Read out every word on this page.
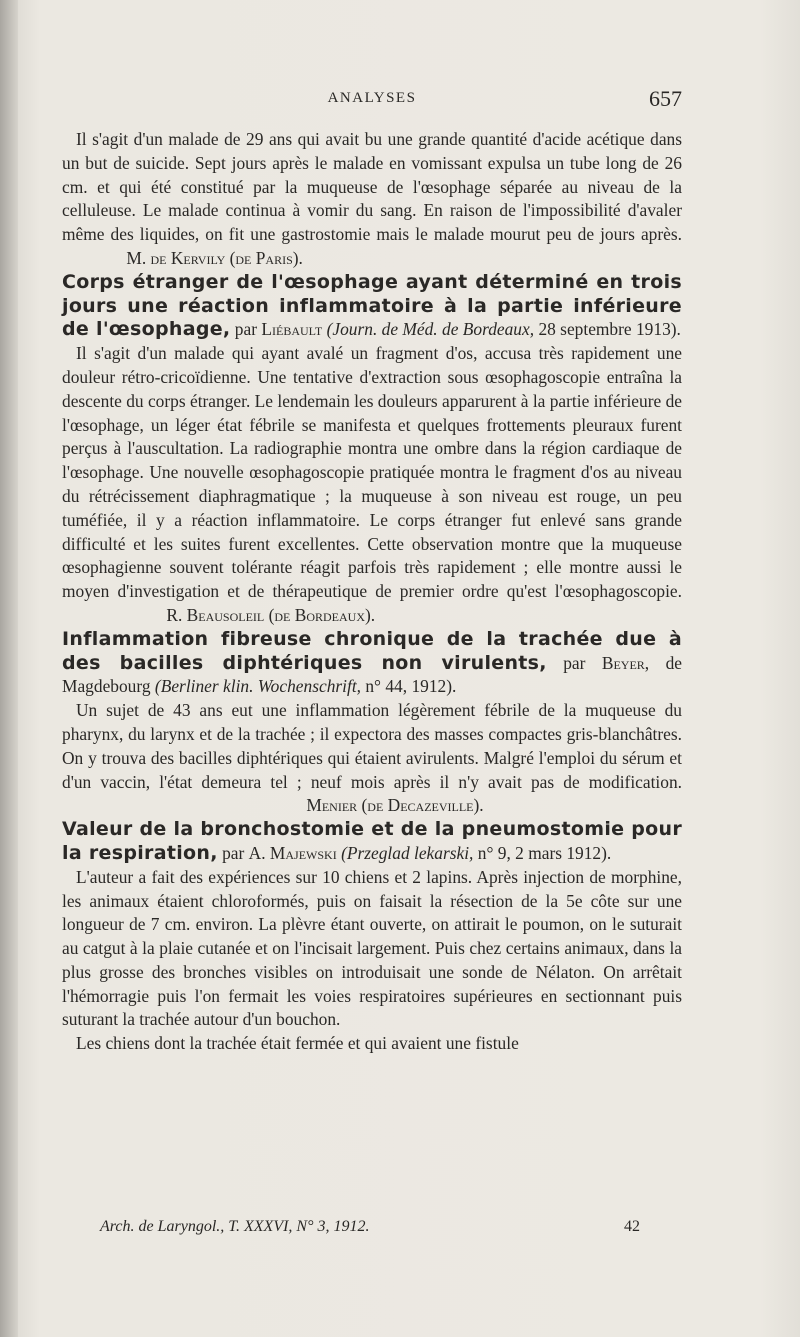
ANALYSES	657

Il s'agit d'un malade de 29 ans qui avait bu une grande quantité d'acide acétique dans un but de suicide. Sept jours après le malade en vomissant expulsa un tube long de 26 cm. et qui été constitué par la muqueuse de l'œsophage séparée au niveau de la celluleuse. Le malade continua à vomir du sang. En raison de l'impossibilité d'avaler même des liquides, on fit une gastrostomie mais le malade mourut peu de jours après.  M. de Kervily (de Paris).

Corps étranger de l'œsophage ayant déterminé en trois jours une réaction inflammatoire à la partie inférieure de l'œsophage, par Liébault (Journ. de Méd. de Bordeaux, 28 septembre 1913).

Il s'agit d'un malade qui ayant avalé un fragment d'os, accusa très rapidement une douleur rétro-cricoïdienne. Une tentative d'extraction sous œsophagoscopie entraîna la descente du corps étranger. Le lendemain les douleurs apparurent à la partie inférieure de l'œsophage, un léger état fébrile se manifesta et quelques frottements pleuraux furent perçus à l'auscultation. La radiographie montra une ombre dans la région cardiaque de l'œsophage. Une nouvelle œsophagoscopie pratiquée montra le fragment d'os au niveau du rétrécissement diaphragmatique ; la muqueuse à son niveau est rouge, un peu tuméfiée, il y a réaction inflammatoire. Le corps étranger fut enlevé sans grande difficulté et les suites furent excellentes. Cette observation montre que la muqueuse œsophagienne souvent tolérante réagit parfois très rapidement ; elle montre aussi le moyen d'investigation et de thérapeutique de premier ordre qu'est l'œsophagoscopie.  R. Beausoleil (de Bordeaux).

Inflammation fibreuse chronique de la trachée due à des bacilles diphtériques non virulents, par Beyer, de Magdebourg (Berliner klin. Wochenschrift, n° 44, 1912).

Un sujet de 43 ans eut une inflammation légèrement fébrile de la muqueuse du pharynx, du larynx et de la trachée ; il expectora des masses compactes gris-blanchâtres. On y trouva des bacilles diphtériques qui étaient avirulents. Malgré l'emploi du sérum et d'un vaccin, l'état demeura tel ; neuf mois après il n'y avait pas de modification.  Menier (de Decazeville).

Valeur de la bronchostomie et de la pneumostomie pour la respiration, par A. Majewski (Przeglad lekarski, n° 9, 2 mars 1912).

L'auteur a fait des expériences sur 10 chiens et 2 lapins. Après injection de morphine, les animaux étaient chloroformés, puis on faisait la résection de la 5e côte sur une longueur de 7 cm. environ. La plèvre étant ouverte, on attirait le poumon, on le suturait au catgut à la plaie cutanée et on l'incisait largement. Puis chez certains animaux, dans la plus grosse des bronches visibles on introduisait une sonde de Nélaton. On arrêtait l'hémorragie puis l'on fermait les voies respiratoires supérieures en sectionnant puis suturant la trachée autour d'un bouchon.

Les chiens dont la trachée était fermée et qui avaient une fistule

Arch. de Laryngol., T. XXXVI, N° 3, 1912.	42
